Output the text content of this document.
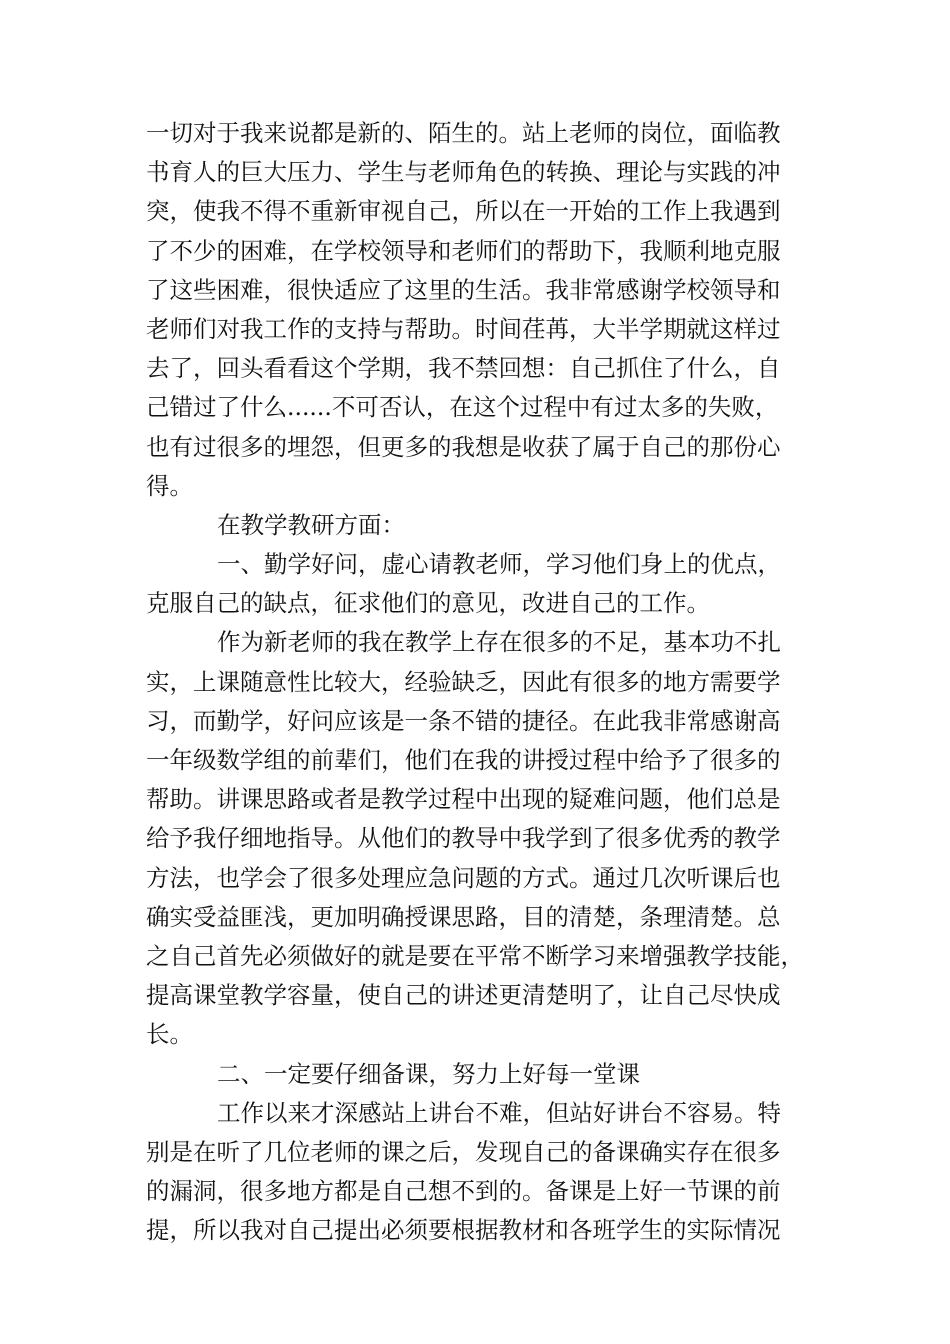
一切对于我来说都是新的、陌生的。站上老师的岗位，面临教
书育人的巨大压力、学生与老师角色的转换、理论与实践的冲
突，使我不得不重新审视自己，所以在一开始的工作上我遇到
了不少的困难，在学校领导和老师们的帮助下，我顺利地克服
了这些困难，很快适应了这里的生活。我非常感谢学校领导和
老师们对我工作的支持与帮助。时间荏苒，大半学期就这样过
去了，回头看看这个学期，我不禁回想：自己抓住了什么，自
己错过了什么......不可否认，在这个过程中有过太多的失败，
也有过很多的埋怨，但更多的我想是收获了属于自己的那份心
得。
在教学教研方面：
一、勤学好问，虚心请教老师，学习他们身上的优点，
克服自己的缺点，征求他们的意见，改进自己的工作。
作为新老师的我在教学上存在很多的不足，基本功不扎
实，上课随意性比较大，经验缺乏，因此有很多的地方需要学
习，而勤学，好问应该是一条不错的捷径。在此我非常感谢高
一年级数学组的前辈们，他们在我的讲授过程中给予了很多的
帮助。讲课思路或者是教学过程中出现的疑难问题，他们总是
给予我仔细地指导。从他们的教导中我学到了很多优秀的教学
方法，也学会了很多处理应急问题的方式。通过几次听课后也
确实受益匪浅，更加明确授课思路，目的清楚，条理清楚。总
之自己首先必须做好的就是要在平常不断学习来增强教学技能，
提高课堂教学容量，使自己的讲述更清楚明了，让自己尽快成
长。
二、一定要仔细备课，努力上好每一堂课
工作以来才深感站上讲台不难，但站好讲台不容易。特
别是在听了几位老师的课之后，发现自己的备课确实存在很多
的漏洞，很多地方都是自己想不到的。备课是上好一节课的前
提，所以我对自己提出必须要根据教材和各班学生的实际情况
